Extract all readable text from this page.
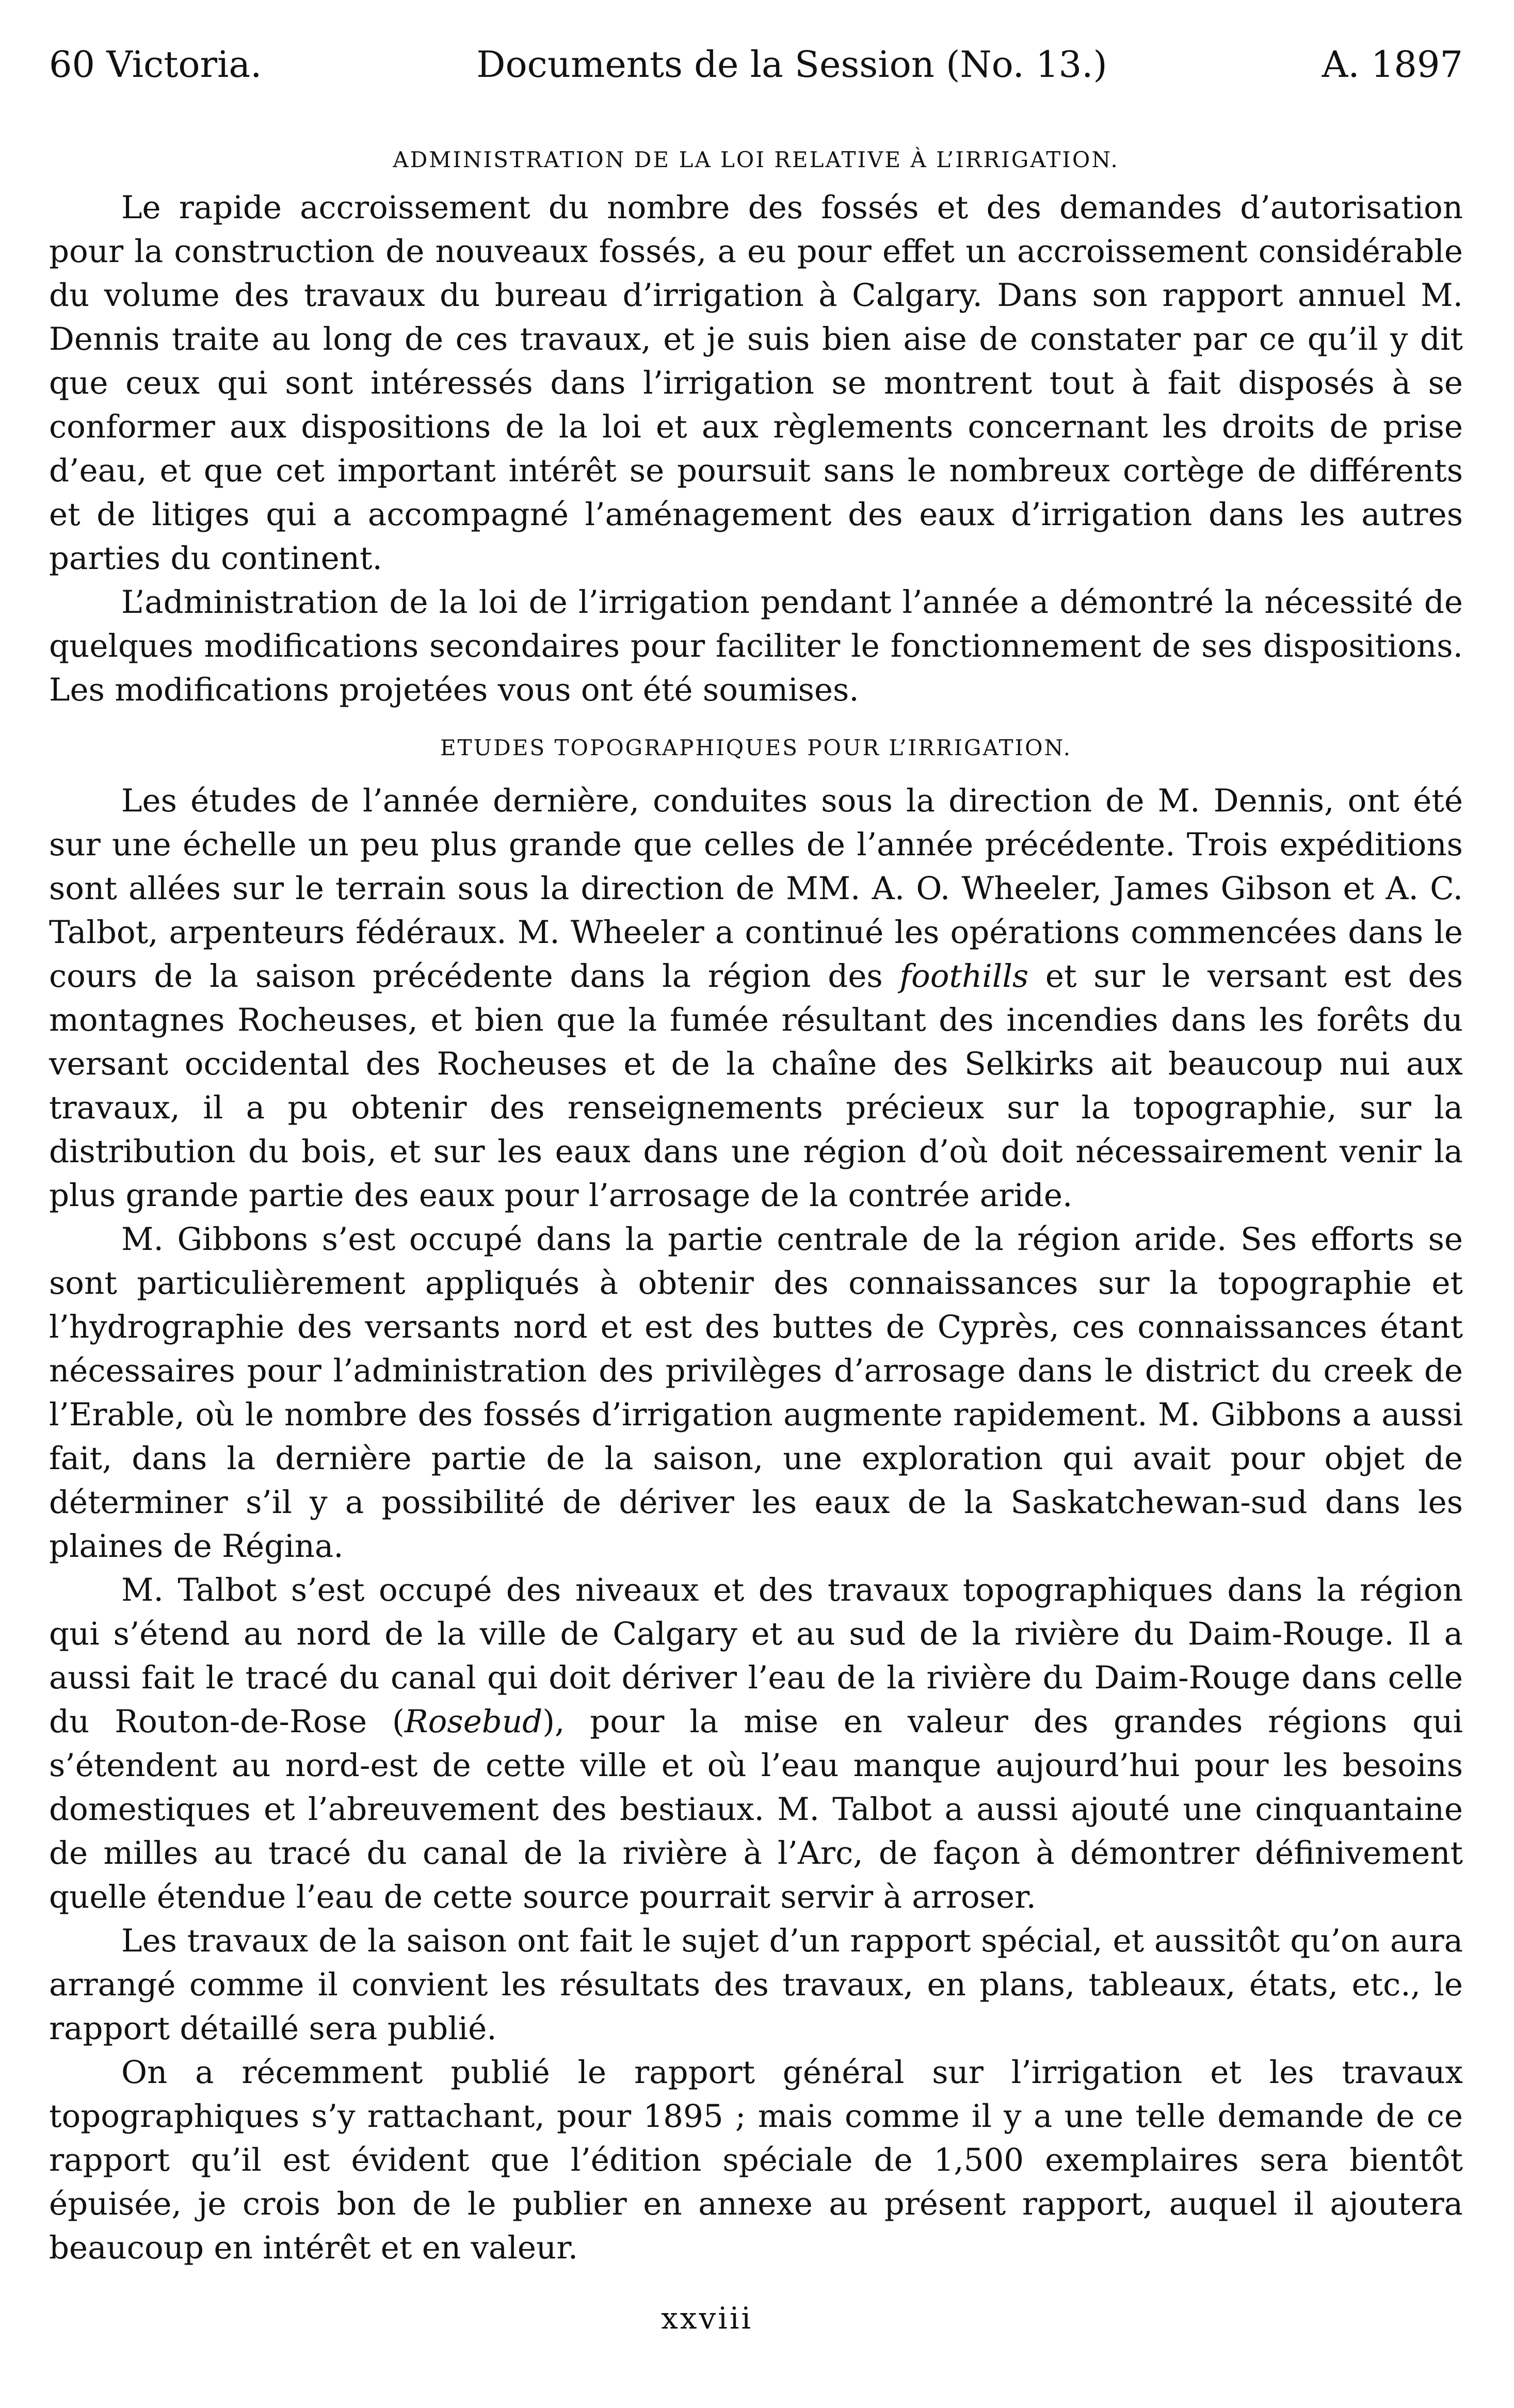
60 Victoria.	Documents de la Session (No. 13.)	A. 1897
ADMINISTRATION DE LA LOI RELATIVE À L’IRRIGATION.

Le rapide accroissement du nombre des fossés et des demandes d’autorisation pour la construction de nouveaux fossés, a eu pour effet un accroissement considérable du volume des travaux du bureau d’irrigation à Calgary. Dans son rapport annuel M. Dennis traite au long de ces travaux, et je suis bien aise de constater par ce qu’il y dit que ceux qui sont intéressés dans l’irrigation se montrent tout à fait disposés à se conformer aux dispositions de la loi et aux règlements concernant les droits de prise d’eau, et que cet important intérêt se poursuit sans le nombreux cortège de différents et de litiges qui a accompagné l’aménagement des eaux d’irrigation dans les autres parties du continent.

L’administration de la loi de l’irrigation pendant l’année a démontré la nécessité de quelques modifications secondaires pour faciliter le fonctionnement de ses dispositions. Les modifications projetées vous ont été soumises.

ETUDES TOPOGRAPHIQUES POUR L’IRRIGATION.

Les études de l’année dernière, conduites sous la direction de M. Dennis, ont été sur une échelle un peu plus grande que celles de l’année précédente. Trois expéditions sont allées sur le terrain sous la direction de MM. A. O. Wheeler, James Gibson et A. C. Talbot, arpenteurs fédéraux. M. Wheeler a continué les opérations commencées dans le cours de la saison précédente dans la région des foothills et sur le versant est des montagnes Rocheuses, et bien que la fumée résultant des incendies dans les forêts du versant occidental des Rocheuses et de la chaîne des Selkirks ait beaucoup nui aux travaux, il a pu obtenir des renseignements précieux sur la topographie, sur la distribution du bois, et sur les eaux dans une région d’où doit nécessairement venir la plus grande partie des eaux pour l’arrosage de la contrée aride.

M. Gibbons s’est occupé dans la partie centrale de la région aride. Ses efforts se sont particulièrement appliqués à obtenir des connaissances sur la topographie et l’hydrographie des versants nord et est des buttes de Cyprès, ces connaissances étant nécessaires pour l’administration des privilèges d’arrosage dans le district du creek de l’Erable, où le nombre des fossés d’irrigation augmente rapidement. M. Gibbons a aussi fait, dans la dernière partie de la saison, une exploration qui avait pour objet de déterminer s’il y a possibilité de dériver les eaux de la Saskatchewan-sud dans les plaines de Régina.

M. Talbot s’est occupé des niveaux et des travaux topographiques dans la région qui s’étend au nord de la ville de Calgary et au sud de la rivière du Daim-Rouge. Il a aussi fait le tracé du canal qui doit dériver l’eau de la rivière du Daim-Rouge dans celle du Routon-de-Rose (Rosebud), pour la mise en valeur des grandes régions qui s’étendent au nord-est de cette ville et où l’eau manque aujourd’hui pour les besoins domestiques et l’abreuvement des bestiaux. M. Talbot a aussi ajouté une cinquantaine de milles au tracé du canal de la rivière à l’Arc, de façon à démontrer définivement quelle étendue l’eau de cette source pourrait servir à arroser.

Les travaux de la saison ont fait le sujet d’un rapport spécial, et aussitôt qu’on aura arrangé comme il convient les résultats des travaux, en plans, tableaux, états, etc., le rapport détaillé sera publié.

On a récemment publié le rapport général sur l’irrigation et les travaux topographiques s’y rattachant, pour 1895 ; mais comme il y a une telle demande de ce rapport qu’il est évident que l’édition spéciale de 1,500 exemplaires sera bientôt épuisée, je crois bon de le publier en annexe au présent rapport, auquel il ajoutera beaucoup en intérêt et en valeur.

xxviii
